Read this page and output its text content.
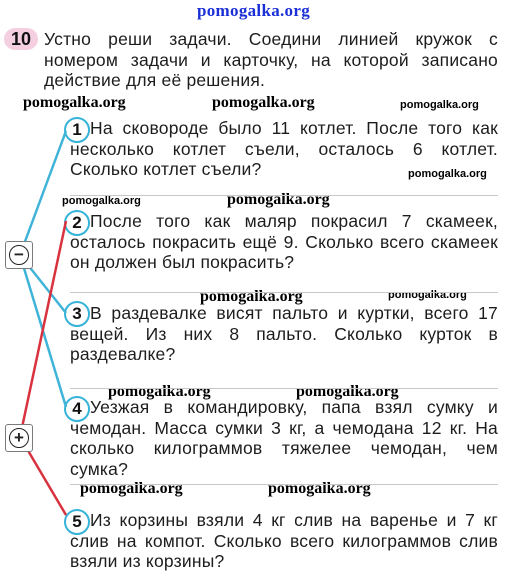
pomogalka.org
pomogalka.org	pomogalka.org	pomogalka.org
pomogalka.org
pomogalka.org	pomogalka.org
pomogalka.org	pomogalka.org
pomogalka.org	pomogalka.org
pomogalka.org	pomogalka.org
10 Устно реши задачи. Соедини линией кружок с номером задачи и карточку, на которой записано действие для её решения.
1 На сковороде было 11 котлет. После того как несколько котлет съели, осталось 6 котлет. Сколько котлет съели?
2 После того как маляр покрасил 7 скамеек, осталось покрасить ещё 9. Сколько всего скамеек он должен был покрасить?
3 В раздевалке висят пальто и куртки, всего 17 вещей. Из них 8 пальто. Сколько курток в раздевалке?
4 Уезжая в командировку, папа взял сумку и чемодан. Масса сумки 3 кг, а чемодана 12 кг. На сколько килограммов тяжелее чемодан, чем сумка?
5 Из корзины взяли 4 кг слив на варенье и 7 кг слив на компот. Сколько всего килограммов слив взяли из корзины?
−
+
